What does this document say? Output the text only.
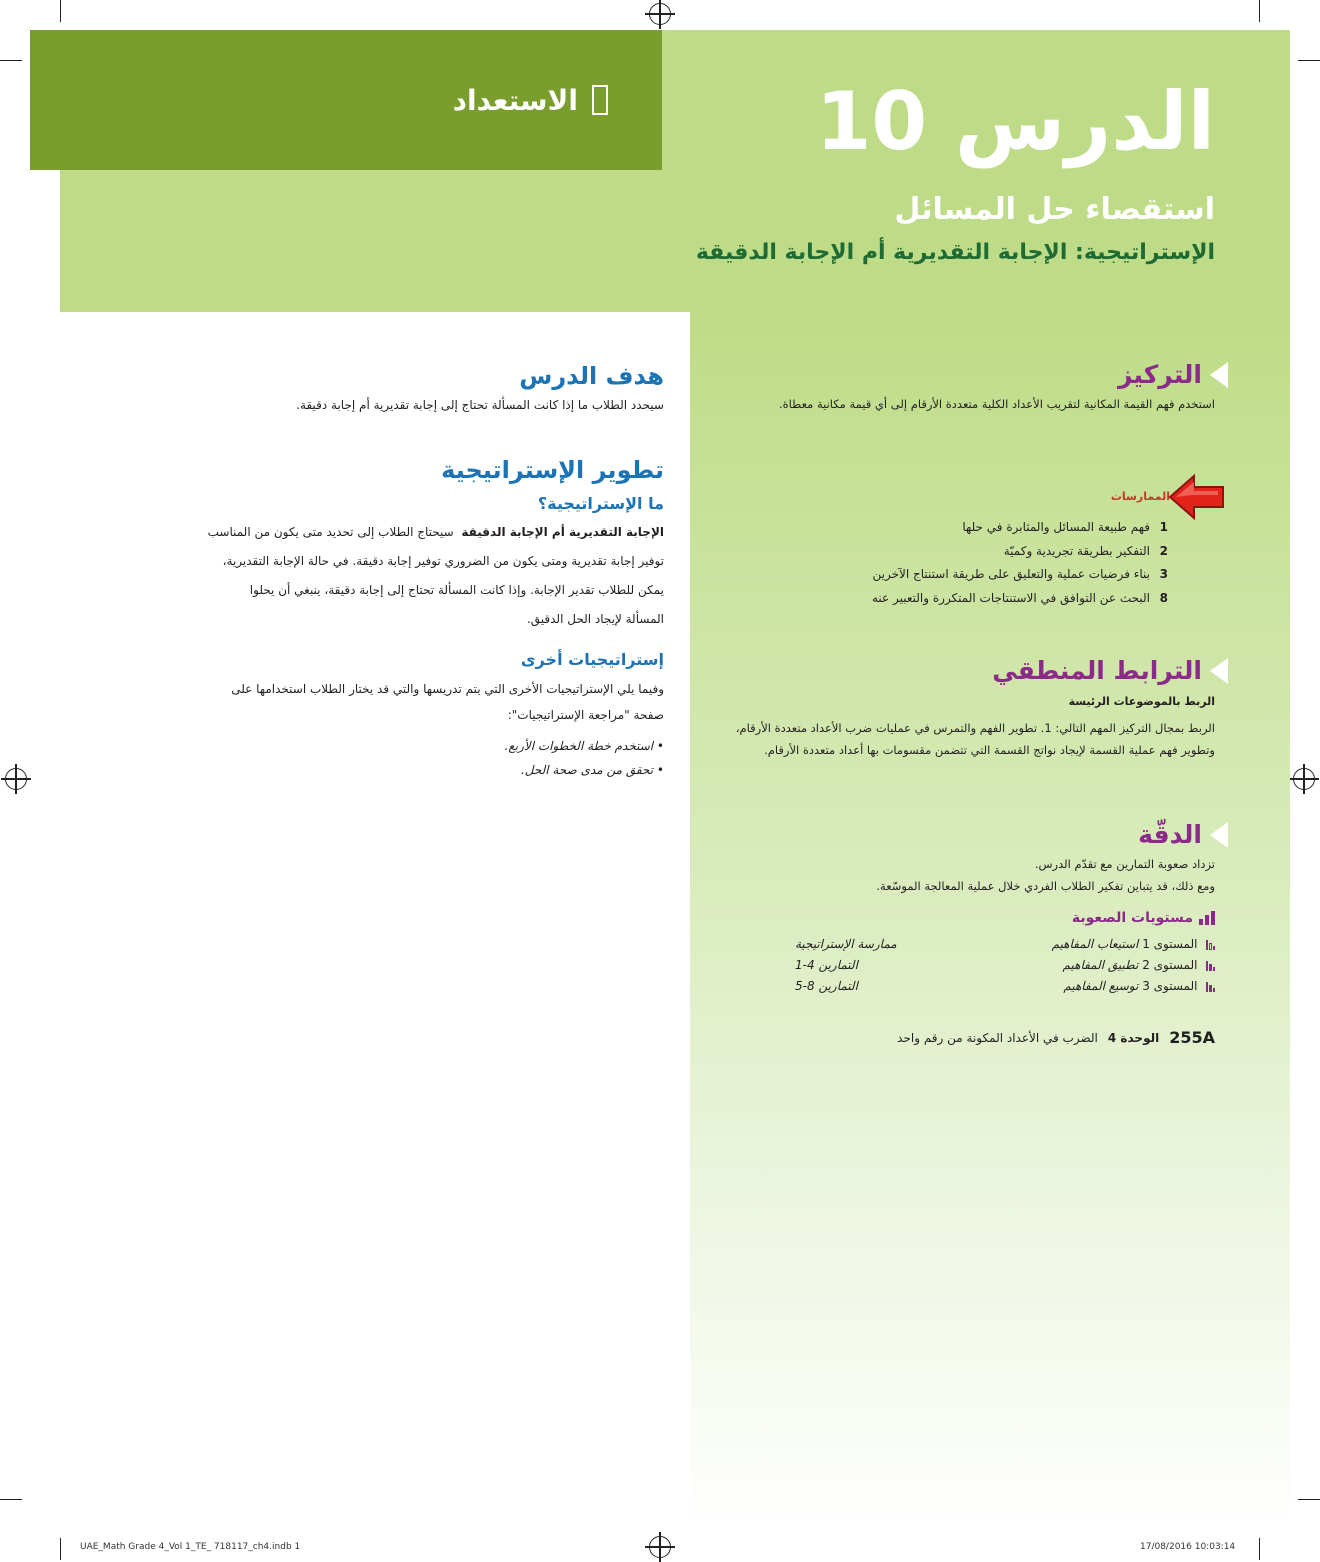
الاستعداد	الدرس 10
استقصاء حل المسائل
الإستراتيجية: الإجابة التقديرية أم الإجابة الدقيقة
التركيز
استخدم فهم القيمة المكانية لتقريب الأعداد الكلية متعددة الأرقام إلى أي قيمة مكانية معطاة.
الممارسات
فهم طبيعة المسائل والمثابرة في حلها 1
التفكير بطريقة تجريدية وكميّة 2
بناء فرضيات عملية والتعليق على طريقة استنتاج الآخرين 3
البحث عن التوافق في الاستنتاجات المتكررة والتعبير عنه 8
الترابط المنطقي
الربط بالموضوعات الرئيسة
الربط بمجال التركيز المهم التالي: 1. تطوير الفهم والتمرس في عمليات ضرب الأعداد متعددة الأرقام،
وتطوير فهم عملية القسمة لإيجاد نواتج القسمة التي تتضمن مقسومات بها أعداد متعددة الأرقام.
الدقّة
تزداد صعوبة التمارين مع تقدّم الدرس.
ومع ذلك، قد يتباين تفكير الطلاب الفردي خلال عملية المعالجة الموسّعة.
مستويات الصعوبة
المستوى 1

استيعاب المفاهيم
ممارسة الإستراتيجية
المستوى 2

تطبيق المفاهيم
التمارين 4-1
المستوى 3

توسيع المفاهيم
التمارين 8-5
255A
الوحدة 4
الضرب في الأعداد المكونة من رقم واحد
هدف الدرس
سيحدد الطلاب ما إذا كانت المسألة تحتاج إلى إجابة تقديرية أم إجابة دقيقة.
تطوير الإستراتيجية
ما الإستراتيجية؟
الإجابة التقديرية أم الإجابة الدقيقة  سيحتاج الطلاب إلى تحديد متى يكون من المناسب
توفير إجابة تقديرية ومتى يكون من الضروري توفير إجابة دقيقة. في حالة الإجابة التقديرية،
يمكن للطلاب تقدير الإجابة. وإذا كانت المسألة تحتاج إلى إجابة دقيقة، ينبغي أن يحلوا
المسألة لإيجاد الحل الدقيق.
إستراتيجيات أخرى
وفيما يلي الإستراتيجيات الأخرى التي يتم تدريسها والتي قد يختار الطلاب استخدامها على
صفحة "مراجعة الإستراتيجيات":
• استخدم خطة الخطوات الأربع.
• تحقق من مدى صحة الحل.
UAE_Math Grade 4_Vol 1_TE_ 718117_ch4.indb 1	17/08/2016 10:03:14
